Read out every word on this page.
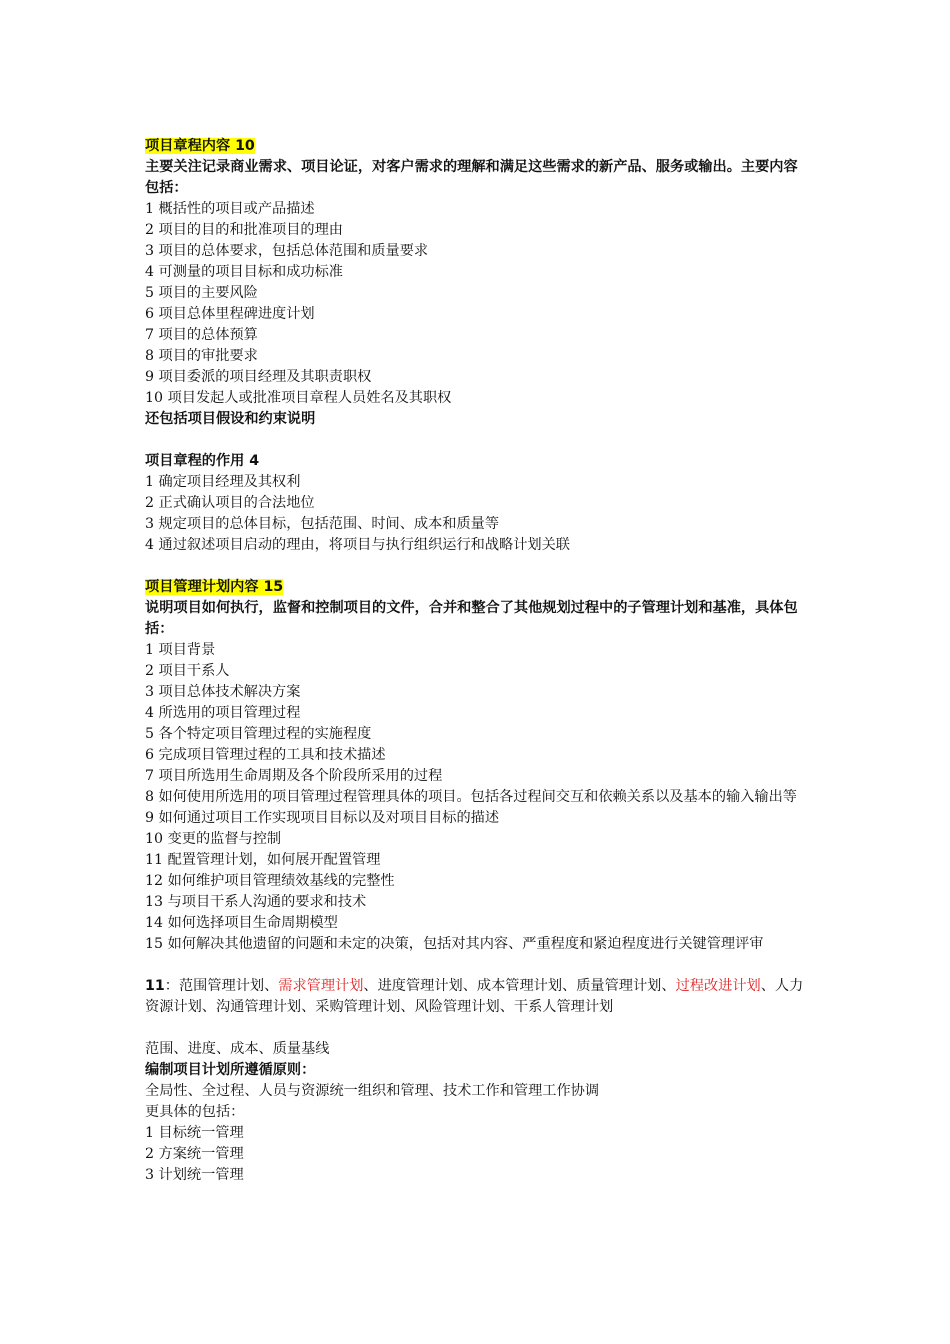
项目章程内容 10

主要关注记录商业需求、项目论证，对客户需求的理解和满足这些需求的新产品、服务或输出。主要内容包括：

1 概括性的项目或产品描述

2 项目的目的和批准项目的理由

3 项目的总体要求，包括总体范围和质量要求

4 可测量的项目目标和成功标准

5 项目的主要风险

6 项目总体里程碑进度计划

7 项目的总体预算

8 项目的审批要求

9 项目委派的项目经理及其职责职权

10 项目发起人或批准项目章程人员姓名及其职权

还包括项目假设和约束说明

项目章程的作用 4

1 确定项目经理及其权利

2 正式确认项目的合法地位

3 规定项目的总体目标，包括范围、时间、成本和质量等

4 通过叙述项目启动的理由，将项目与执行组织运行和战略计划关联

项目管理计划内容 15

说明项目如何执行，监督和控制项目的文件，合并和整合了其他规划过程中的子管理计划和基准，具体包括：

1 项目背景

2 项目干系人

3 项目总体技术解决方案

4 所选用的项目管理过程

5 各个特定项目管理过程的实施程度

6 完成项目管理过程的工具和技术描述

7 项目所选用生命周期及各个阶段所采用的过程

8 如何使用所选用的项目管理过程管理具体的项目。包括各过程间交互和依赖关系以及基本的输入输出等

9 如何通过项目工作实现项目目标以及对项目目标的描述

10 变更的监督与控制

11 配置管理计划，如何展开配置管理

12 如何维护项目管理绩效基线的完整性

13 与项目干系人沟通的要求和技术

14 如何选择项目生命周期模型

15 如何解决其他遗留的问题和未定的决策，包括对其内容、严重程度和紧迫程度进行关键管理评审

11：范围管理计划、需求管理计划、进度管理计划、成本管理计划、质量管理计划、过程改进计划、人力资源计划、沟通管理计划、采购管理计划、风险管理计划、干系人管理计划

范围、进度、成本、质量基线

编制项目计划所遵循原则：

全局性、全过程、人员与资源统一组织和管理、技术工作和管理工作协调

更具体的包括：

1 目标统一管理

2 方案统一管理

3 计划统一管理
